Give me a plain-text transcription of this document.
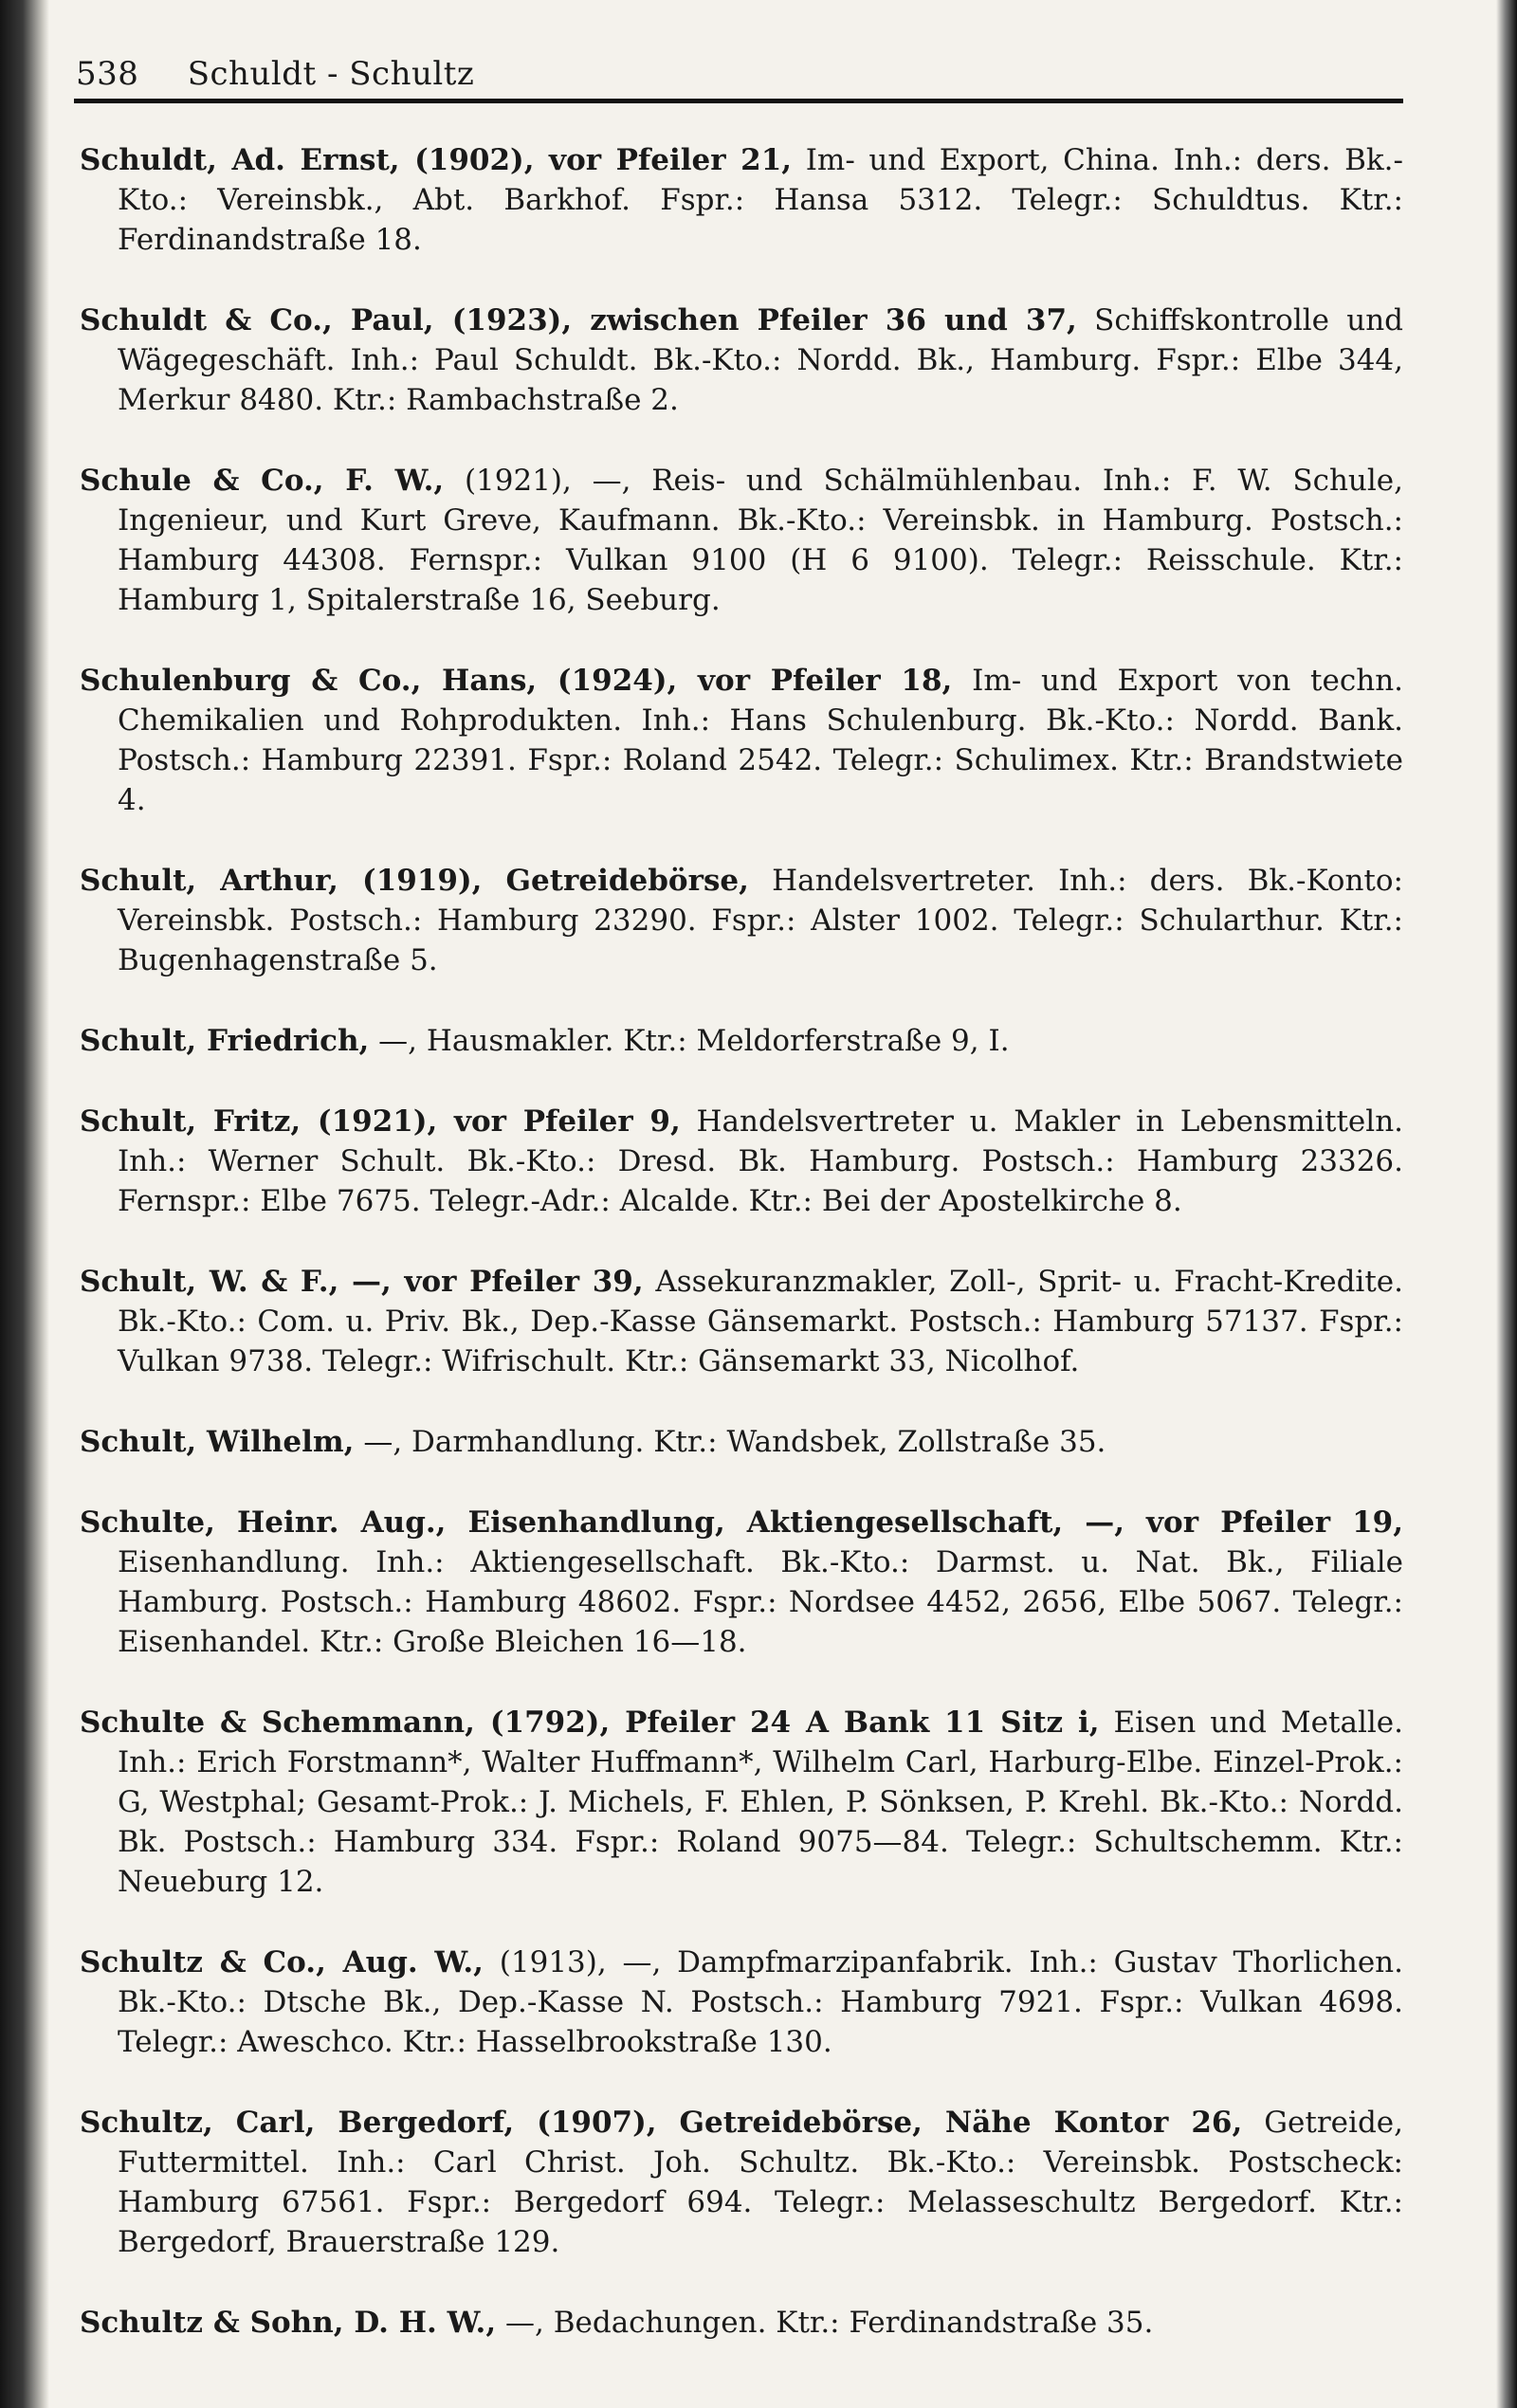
538 Schuldt - Schultz

Schuldt, Ad. Ernst, (1902), vor Pfeiler 21, Im- und Export, China. Inh.: ders. Bk.-Kto.: Vereinsbk., Abt. Barkhof. Fspr.: Hansa 5312. Telegr.: Schuldtus. Ktr.: Ferdinandstraße 18.

Schuldt & Co., Paul, (1923), zwischen Pfeiler 36 und 37, Schiffskontrolle und Wägegeschäft. Inh.: Paul Schuldt. Bk.-Kto.: Nordd. Bk., Hamburg. Fspr.: Elbe 344, Merkur 8480. Ktr.: Rambachstraße 2.

Schule & Co., F. W., (1921), —, Reis- und Schälmühlenbau. Inh.: F. W. Schule, Ingenieur, und Kurt Greve, Kaufmann. Bk.-Kto.: Vereinsbk. in Hamburg. Postsch.: Hamburg 44308. Fernspr.: Vulkan 9100 (H 6 9100). Telegr.: Reisschule. Ktr.: Hamburg 1, Spitalerstraße 16, Seeburg.

Schulenburg & Co., Hans, (1924), vor Pfeiler 18, Im- und Export von techn. Chemikalien und Rohprodukten. Inh.: Hans Schulenburg. Bk.-Kto.: Nordd. Bank. Postsch.: Hamburg 22391. Fspr.: Roland 2542. Telegr.: Schulimex. Ktr.: Brandstwiete 4.

Schult, Arthur, (1919), Getreidebörse, Handelsvertreter. Inh.: ders. Bk.-Konto: Vereinsbk. Postsch.: Hamburg 23290. Fspr.: Alster 1002. Telegr.: Schularthur. Ktr.: Bugenhagenstraße 5.

Schult, Friedrich, —, Hausmakler. Ktr.: Meldorferstraße 9, I.

Schult, Fritz, (1921), vor Pfeiler 9, Handelsvertreter u. Makler in Lebensmitteln. Inh.: Werner Schult. Bk.-Kto.: Dresd. Bk. Hamburg. Postsch.: Hamburg 23326. Fernspr.: Elbe 7675. Telegr.-Adr.: Alcalde. Ktr.: Bei der Apostelkirche 8.

Schult, W. & F., —, vor Pfeiler 39, Assekuranzmakler, Zoll-, Sprit- u. Fracht-Kredite. Bk.-Kto.: Com. u. Priv. Bk., Dep.-Kasse Gänsemarkt. Postsch.: Hamburg 57137. Fspr.: Vulkan 9738. Telegr.: Wifrischult. Ktr.: Gänsemarkt 33, Nicolhof.

Schult, Wilhelm, —, Darmhandlung. Ktr.: Wandsbek, Zollstraße 35.

Schulte, Heinr. Aug., Eisenhandlung, Aktiengesellschaft, —, vor Pfeiler 19, Eisenhandlung. Inh.: Aktiengesellschaft. Bk.-Kto.: Darmst. u. Nat. Bk., Filiale Hamburg. Postsch.: Hamburg 48602. Fspr.: Nordsee 4452, 2656, Elbe 5067. Telegr.: Eisenhandel. Ktr.: Große Bleichen 16—18.

Schulte & Schemmann, (1792), Pfeiler 24 A Bank 11 Sitz i, Eisen und Metalle. Inh.: Erich Forstmann*, Walter Huffmann*, Wilhelm Carl, Harburg-Elbe. Einzel-Prok.: G, Westphal; Gesamt-Prok.: J. Michels, F. Ehlen, P. Sönksen, P. Krehl. Bk.-Kto.: Nordd. Bk. Postsch.: Hamburg 334. Fspr.: Roland 9075—84. Telegr.: Schultschemm. Ktr.: Neueburg 12.

Schultz & Co., Aug. W., (1913), —, Dampfmarzipanfabrik. Inh.: Gustav Thorlichen. Bk.-Kto.: Dtsche Bk., Dep.-Kasse N. Postsch.: Hamburg 7921. Fspr.: Vulkan 4698. Telegr.: Aweschco. Ktr.: Hasselbrookstraße 130.

Schultz, Carl, Bergedorf, (1907), Getreidebörse, Nähe Kontor 26, Getreide, Futtermittel. Inh.: Carl Christ. Joh. Schultz. Bk.-Kto.: Vereinsbk. Postscheck: Hamburg 67561. Fspr.: Bergedorf 694. Telegr.: Melasseschultz Bergedorf. Ktr.: Bergedorf, Brauerstraße 129.

Schultz & Sohn, D. H. W., —, Bedachungen. Ktr.: Ferdinandstraße 35.
